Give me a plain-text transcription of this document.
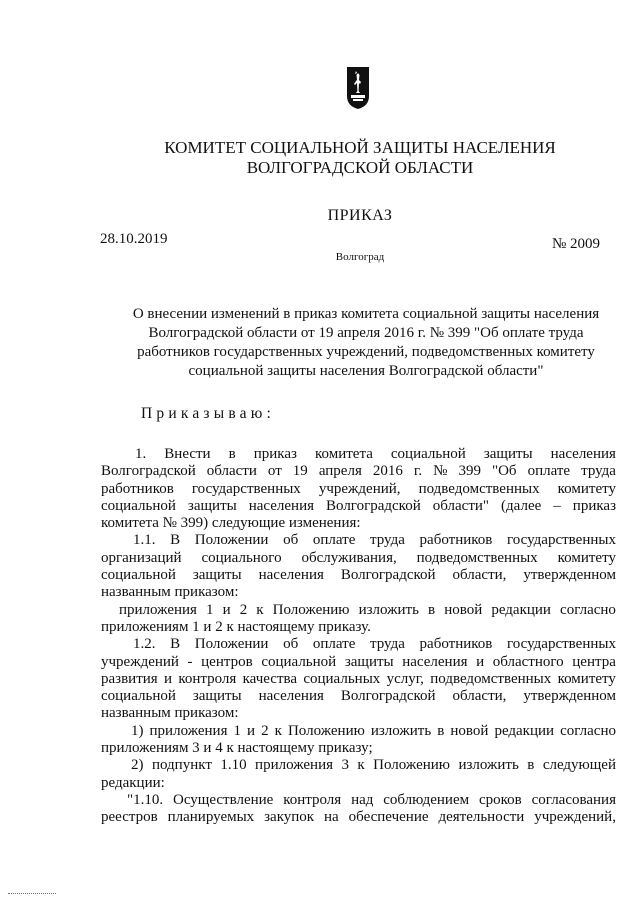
КОМИТЕТ СОЦИАЛЬНОЙ ЗАЩИТЫ НАСЕЛЕНИЯ
ВОЛГОГРАДСКОЙ ОБЛАСТИ
ПРИКАЗ
28.10.2019	№ 2009
Волгоград
О внесении изменений в приказ комитета социальной защиты населения
Волгоградской области от 19 апреля 2016 г. № 399 "Об оплате труда
работников государственных учреждений, подведомственных комитету
социальной защиты населения Волгоградской области"
Приказываю:
1. Внести в приказ комитета социальной защиты населения
Волгоградской области от 19 апреля 2016 г. № 399 "Об оплате труда
работников государственных учреждений, подведомственных комитету
социальной защиты населения Волгоградской области" (далее – приказ
комитета № 399) следующие изменения:
1.1. В Положении об оплате труда работников государственных
организаций социального обслуживания, подведомственных комитету
социальной защиты населения Волгоградской области, утвержденном
названным приказом:
приложения 1 и 2 к Положению изложить в новой редакции согласно
приложениям 1 и 2 к настоящему приказу.
1.2. В Положении об оплате труда работников государственных
учреждений - центров социальной защиты населения и областного центра
развития и контроля качества социальных услуг, подведомственных комитету
социальной защиты населения Волгоградской области, утвержденном
названным приказом:
1) приложения 1 и 2 к Положению изложить в новой редакции согласно
приложениям 3 и 4 к настоящему приказу;
2) подпункт 1.10 приложения 3 к Положению изложить в следующей
редакции:
"1.10. Осуществление контроля над соблюдением сроков согласования
реестров планируемых закупок на обеспечение деятельности учреждений,
